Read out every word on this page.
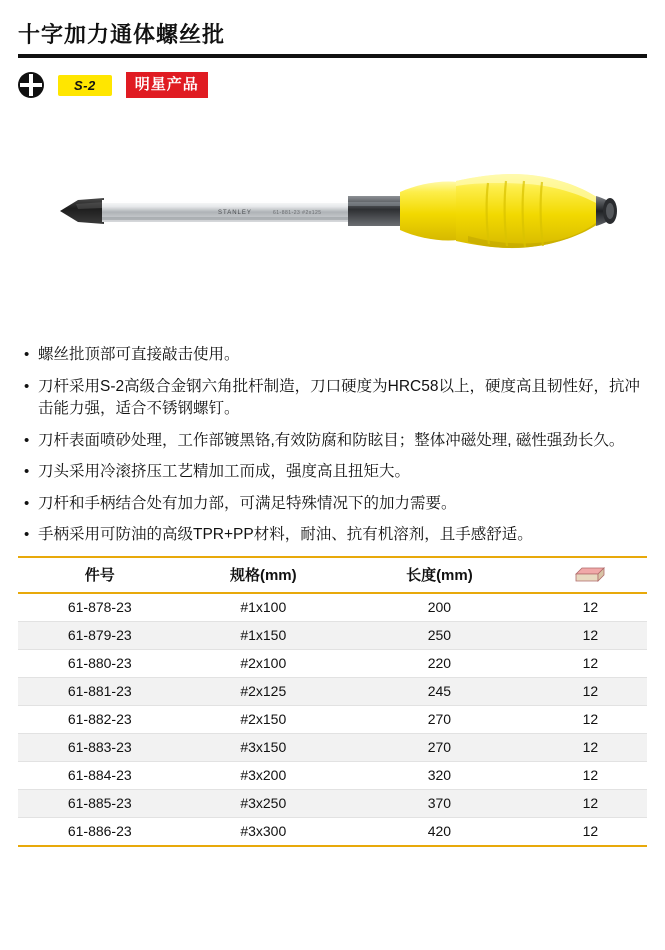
十字加力通体螺丝批
S-2	明星产品
STANLEY	61-881-23 #2x125
• 螺丝批顶部可直接敲击使用。
• 刀杆采用S-2高级合金钢六角批杆制造，刀口硬度为HRC58以上，硬度高且韧性好，抗冲击能力强，适合不锈钢螺钉。
• 刀杆表面喷砂处理，工作部镀黑铬,有效防腐和防眩目；整体冲磁处理, 磁性强劲长久。
• 刀头采用冷滚挤压工艺精加工而成，强度高且扭矩大。
• 刀杆和手柄结合处有加力部，可满足特殊情况下的加力需要。
• 手柄采用可防油的高级TPR+PP材料，耐油、抗有机溶剂，且手感舒适。
件号	规格(mm)	长度(mm)	
61-878-23	#1x100	200	12
61-879-23	#1x150	250	12
61-880-23	#2x100	220	12
61-881-23	#2x125	245	12
61-882-23	#2x150	270	12
61-883-23	#3x150	270	12
61-884-23	#3x200	320	12
61-885-23	#3x250	370	12
61-886-23	#3x300	420	12
